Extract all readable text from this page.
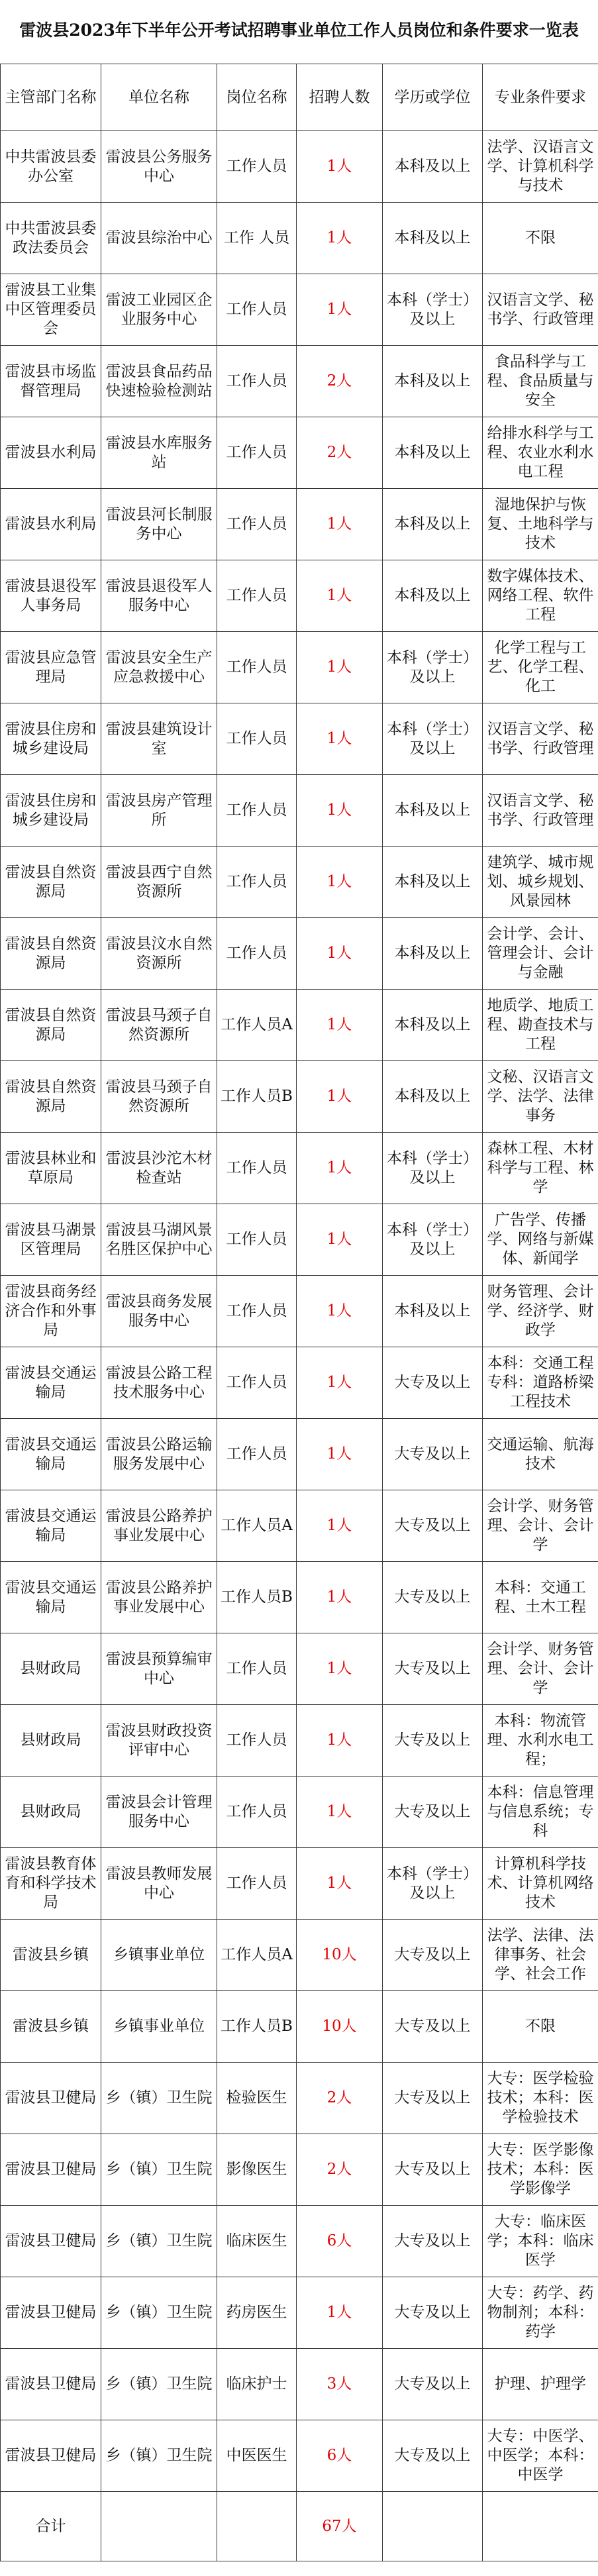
雷波县2023年下半年公开考试招聘事业单位工作人员岗位和条件要求一览表
主管部门名称	单位名称	岗位名称	招聘人数	学历或学位	专业条件要求
中共雷波县委办公室	雷波县公务服务中心	工作人员	1人	本科及以上	法学、汉语言文学、计算机科学与技术

中共雷波县委政法委员会	雷波县综治中心	工作 人员	1人	本科及以上	不限

雷波县工业集中区管理委员会	雷波工业园区企业服务中心	工作人员	1人	本科（学士）及以上	汉语言文学、秘书学、行政管理

雷波县市场监督管理局	雷波县食品药品快速检验检测站	工作人员	2人	本科及以上	食品科学与工程、食品质量与安全

雷波县水利局	雷波县水库服务站	工作人员	2人	本科及以上	给排水科学与工程、农业水利水电工程

雷波县水利局	雷波县河长制服务中心	工作人员	1人	本科及以上	湿地保护与恢复、土地科学与技术

雷波县退役军人事务局	雷波县退役军人服务中心	工作人员	1人	本科及以上	数字媒体技术、网络工程、软件工程

雷波县应急管理局	雷波县安全生产应急救援中心	工作人员	1人	本科（学士）及以上	化学工程与工艺、化学工程、化工

雷波县住房和城乡建设局	雷波县建筑设计室	工作人员	1人	本科（学士）及以上	汉语言文学、秘书学、行政管理

雷波县住房和城乡建设局	雷波县房产管理所	工作人员	1人	本科及以上	汉语言文学、秘书学、行政管理

雷波县自然资源局	雷波县西宁自然资源所	工作人员	1人	本科及以上	建筑学、城市规划、城乡规划、风景园林

雷波县自然资源局	雷波县汶水自然资源所	工作人员	1人	本科及以上	会计学、会计、管理会计、会计与金融

雷波县自然资源局	雷波县马颈子自然资源所	工作人员A	1人	本科及以上	地质学、地质工程、勘查技术与工程

雷波县自然资源局	雷波县马颈子自然资源所	工作人员B	1人	本科及以上	文秘、汉语言文学、法学、法律事务

雷波县林业和草原局	雷波县沙沱木材检查站	工作人员	1人	本科（学士）及以上	森林工程、木材科学与工程、林学

雷波县马湖景区管理局	雷波县马湖风景名胜区保护中心	工作人员	1人	本科（学士）及以上	广告学、传播学、网络与新媒体、新闻学

雷波县商务经济合作和外事局	雷波县商务发展服务中心	工作人员	1人	本科及以上	财务管理、会计学、经济学、财政学

雷波县交通运输局	雷波县公路工程技术服务中心	工作人员	1人	大专及以上	本科：交通工程 专科：道路桥梁工程技术

雷波县交通运输局	雷波县公路运输服务发展中心	工作人员	1人	大专及以上	交通运输、航海技术

雷波县交通运输局	雷波县公路养护事业发展中心	工作人员A	1人	大专及以上	会计学、财务管理、会计、会计学

雷波县交通运输局	雷波县公路养护事业发展中心	工作人员B	1人	大专及以上	本科：交通工程、土木工程

县财政局	雷波县预算编审中心	工作人员	1人	大专及以上	会计学、财务管理、会计、会计学

县财政局	雷波县财政投资评审中心	工作人员	1人	大专及以上	本科：物流管理、水利水电工程；

县财政局	雷波县会计管理服务中心	工作人员	1人	大专及以上	本科：信息管理与信息系统；专科

雷波县教育体育和科学技术局	雷波县教师发展中心	工作人员	1人	本科（学士）及以上	计算机科学技术、计算机网络技术

雷波县乡镇	乡镇事业单位	工作人员A	10人	大专及以上	法学、法律、法律事务、社会学、社会工作

雷波县乡镇	乡镇事业单位	工作人员B	10人	大专及以上	不限

雷波县卫健局	乡（镇）卫生院	检验医生	2人	大专及以上	大专：医学检验技术；本科：医学检验技术

雷波县卫健局	乡（镇）卫生院	影像医生	2人	大专及以上	大专：医学影像技术；本科：医学影像学

雷波县卫健局	乡（镇）卫生院	临床医生	6人	大专及以上	大专：临床医学；本科：临床医学

雷波县卫健局	乡（镇）卫生院	药房医生	1人	大专及以上	大专：药学、药物制剂；本科：药学

雷波县卫健局	乡（镇）卫生院	临床护士	3人	大专及以上	护理、护理学

雷波县卫健局	乡（镇）卫生院	中医医生	6人	大专及以上	大专：中医学、中医学；本科：中医学

合计			67人		
